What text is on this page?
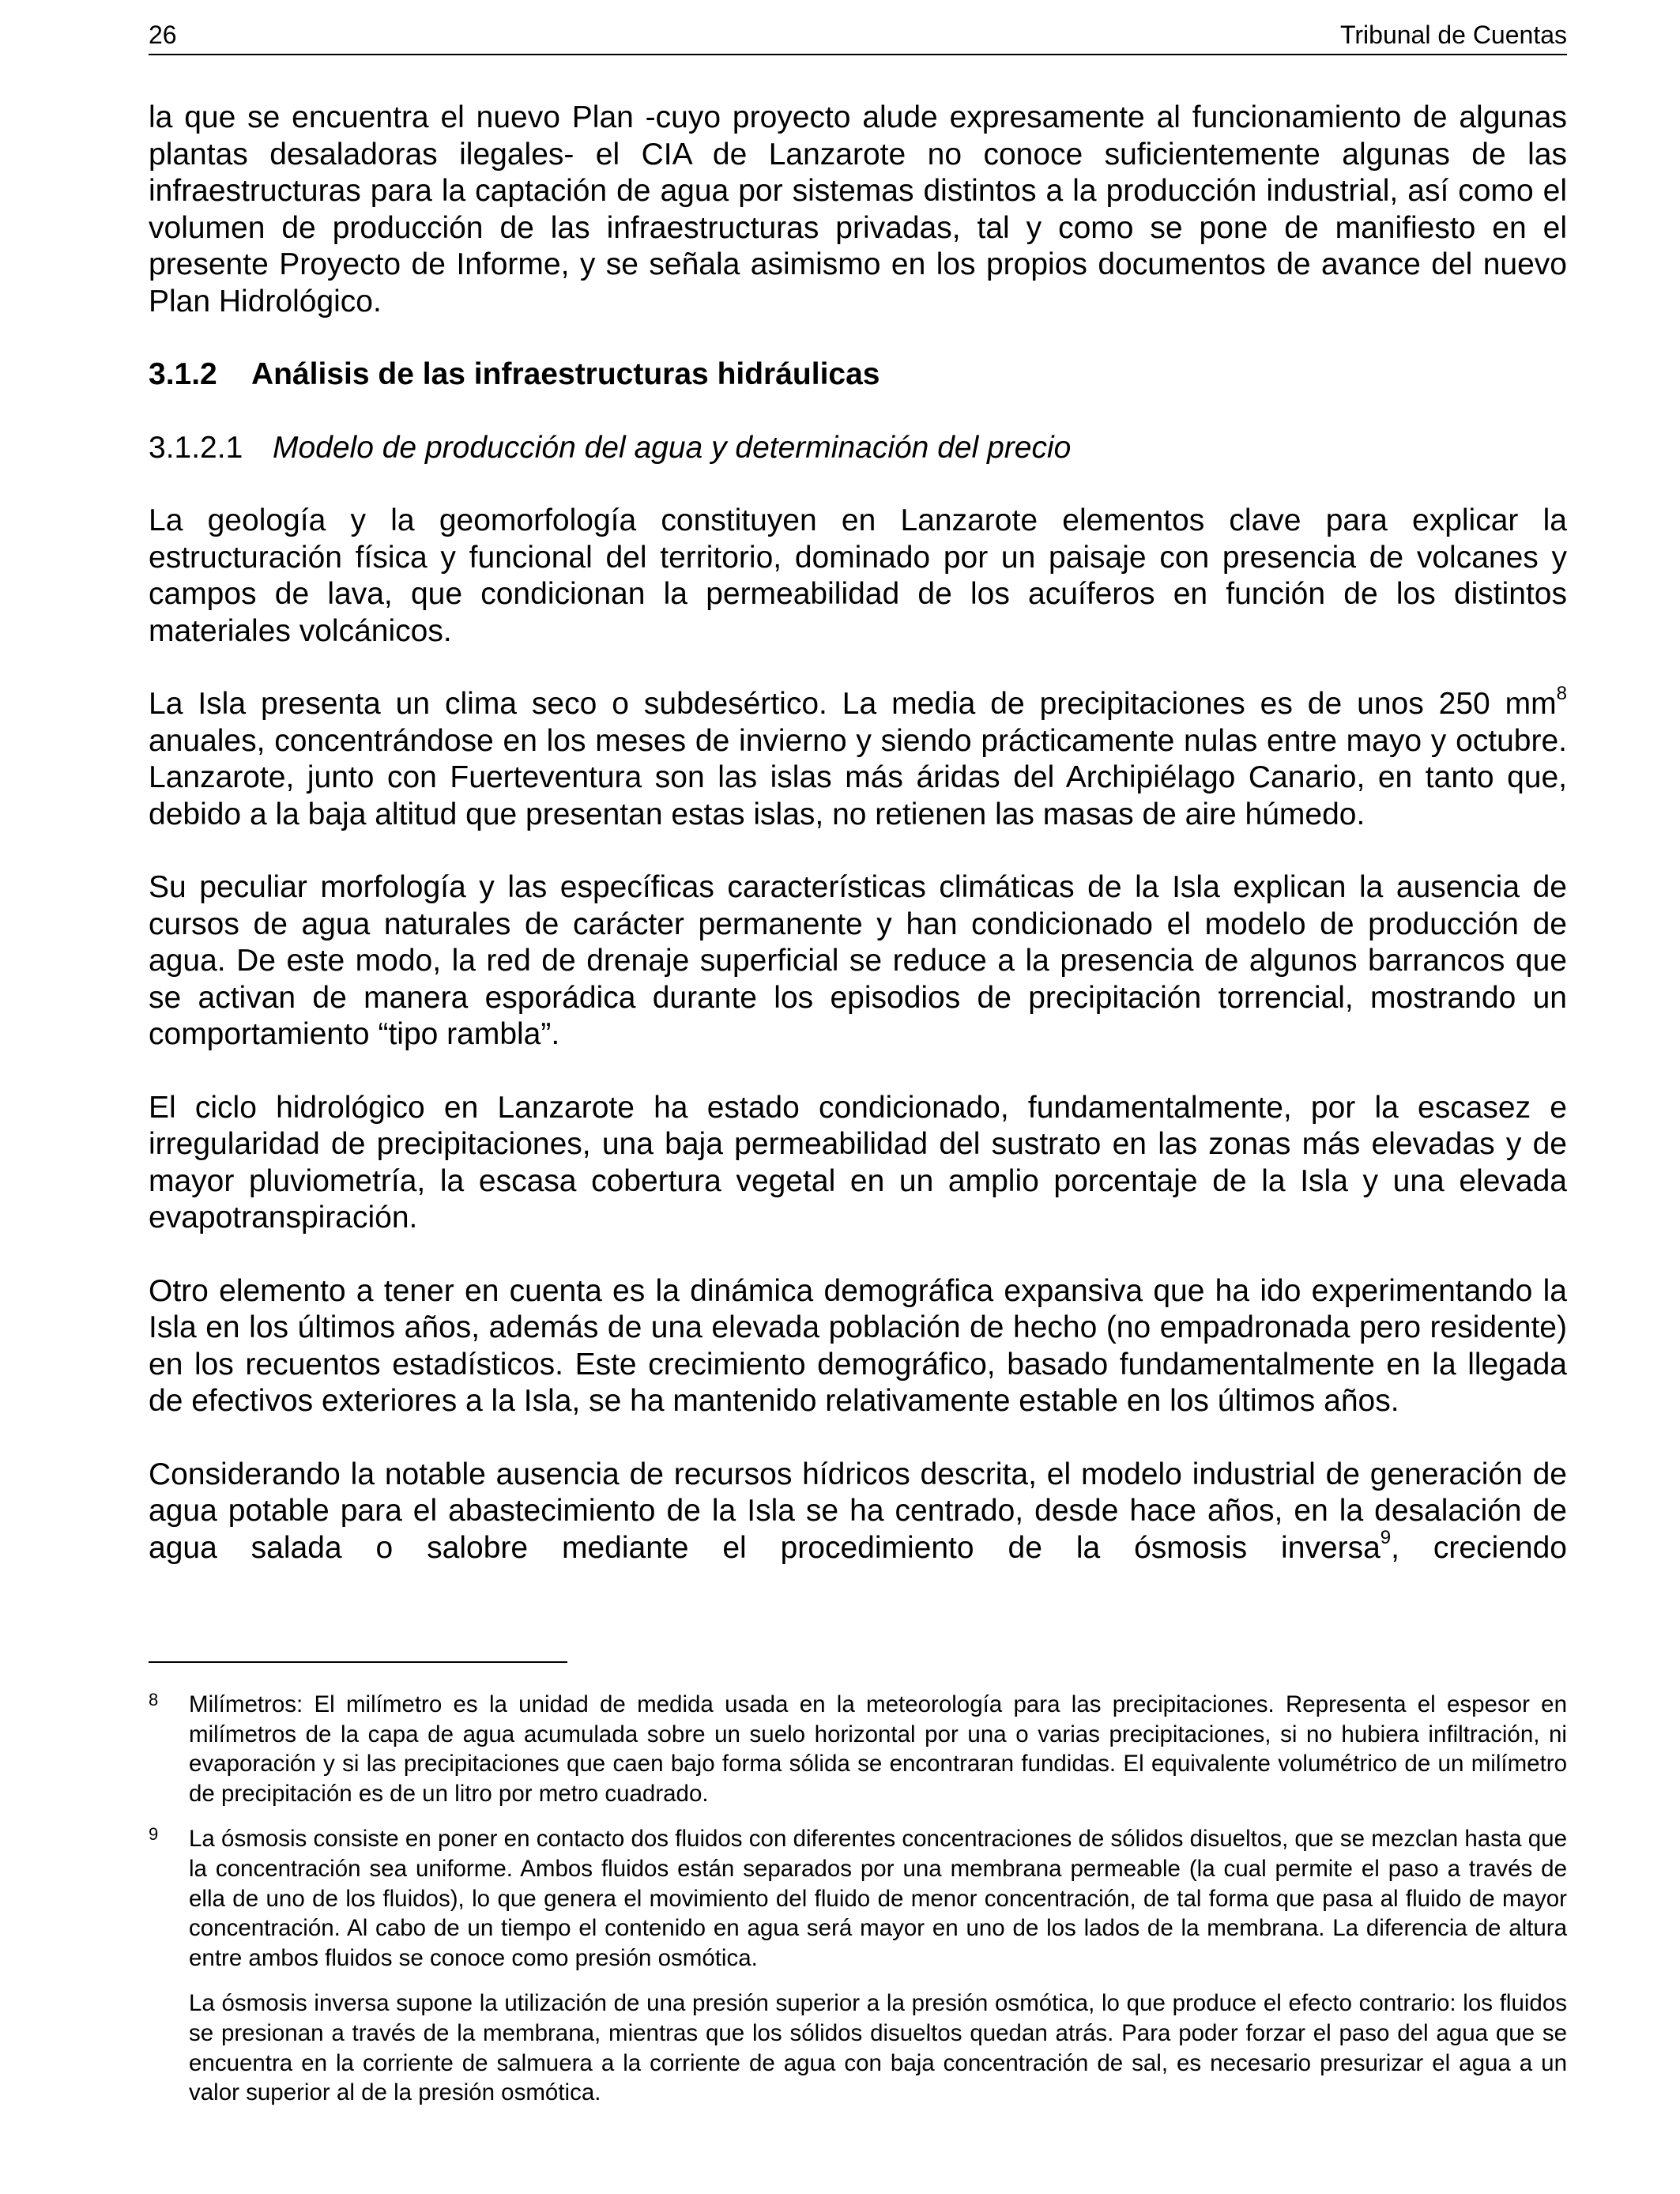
26	Tribunal de Cuentas

la que se encuentra el nuevo Plan -cuyo proyecto alude expresamente al funcionamiento de algunas plantas desaladoras ilegales- el CIA de Lanzarote no conoce suficientemente algunas de las infraestructuras para la captación de agua por sistemas distintos a la producción industrial, así como el volumen de producción de las infraestructuras privadas, tal y como se pone de manifiesto en el presente Proyecto de Informe, y se señala asimismo en los propios documentos de avance del nuevo Plan Hidrológico.

3.1.2 Análisis de las infraestructuras hidráulicas
3.1.2.1 Modelo de producción del agua y determinación del precio

La geología y la geomorfología constituyen en Lanzarote elementos clave para explicar la estructuración física y funcional del territorio, dominado por un paisaje con presencia de volcanes y campos de lava, que condicionan la permeabilidad de los acuíferos en función de los distintos materiales volcánicos.

La Isla presenta un clima seco o subdesértico. La media de precipitaciones es de unos 250 $mm^8$ anuales, concentrándose en los meses de invierno y siendo prácticamente nulas entre mayo y octubre. Lanzarote, junto con Fuerteventura son las islas más áridas del Archipiélago Canario, en tanto que, debido a la baja altitud que presentan estas islas, no retienen las masas de aire húmedo.

Su peculiar morfología y las específicas características climáticas de la Isla explican la ausencia de cursos de agua naturales de carácter permanente y han condicionado el modelo de producción de agua. De este modo, la red de drenaje superficial se reduce a la presencia de algunos barrancos que se activan de manera esporádica durante los episodios de precipitación torrencial, mostrando un comportamiento “tipo rambla”.

El ciclo hidrológico en Lanzarote ha estado condicionado, fundamentalmente, por la escasez e irregularidad de precipitaciones, una baja permeabilidad del sustrato en las zonas más elevadas y de mayor pluviometría, la escasa cobertura vegetal en un amplio porcentaje de la Isla y una elevada evapotranspiración.

Otro elemento a tener en cuenta es la dinámica demográfica expansiva que ha ido experimentando la Isla en los últimos años, además de una elevada población de hecho (no empadronada pero residente) en los recuentos estadísticos. Este crecimiento demográfico, basado fundamentalmente en la llegada de efectivos exteriores a la Isla, se ha mantenido relativamente estable en los últimos años.

Considerando la notable ausencia de recursos hídricos descrita, el modelo industrial de generación de agua potable para el abastecimiento de la Isla se ha centrado, desde hace años, en la desalación de agua salada o salobre mediante el procedimiento de la ósmosis inversa$^9$, creciendo

8 Milímetros: El milímetro es la unidad de medida usada en la meteorología para las precipitaciones. Representa el espesor en milímetros de la capa de agua acumulada sobre un suelo horizontal por una o varias precipitaciones, si no hubiera infiltración, ni evaporación y si las precipitaciones que caen bajo forma sólida se encontraran fundidas. El equivalente volumétrico de un milímetro de precipitación es de un litro por metro cuadrado.

9 La ósmosis consiste en poner en contacto dos fluidos con diferentes concentraciones de sólidos disueltos, que se mezclan hasta que la concentración sea uniforme. Ambos fluidos están separados por una membrana permeable (la cual permite el paso a través de ella de uno de los fluidos), lo que genera el movimiento del fluido de menor concentración, de tal forma que pasa al fluido de mayor concentración. Al cabo de un tiempo el contenido en agua será mayor en uno de los lados de la membrana. La diferencia de altura entre ambos fluidos se conoce como presión osmótica.

La ósmosis inversa supone la utilización de una presión superior a la presión osmótica, lo que produce el efecto contrario: los fluidos se presionan a través de la membrana, mientras que los sólidos disueltos quedan atrás. Para poder forzar el paso del agua que se encuentra en la corriente de salmuera a la corriente de agua con baja concentración de sal, es necesario presurizar el agua a un valor superior al de la presión osmótica.
